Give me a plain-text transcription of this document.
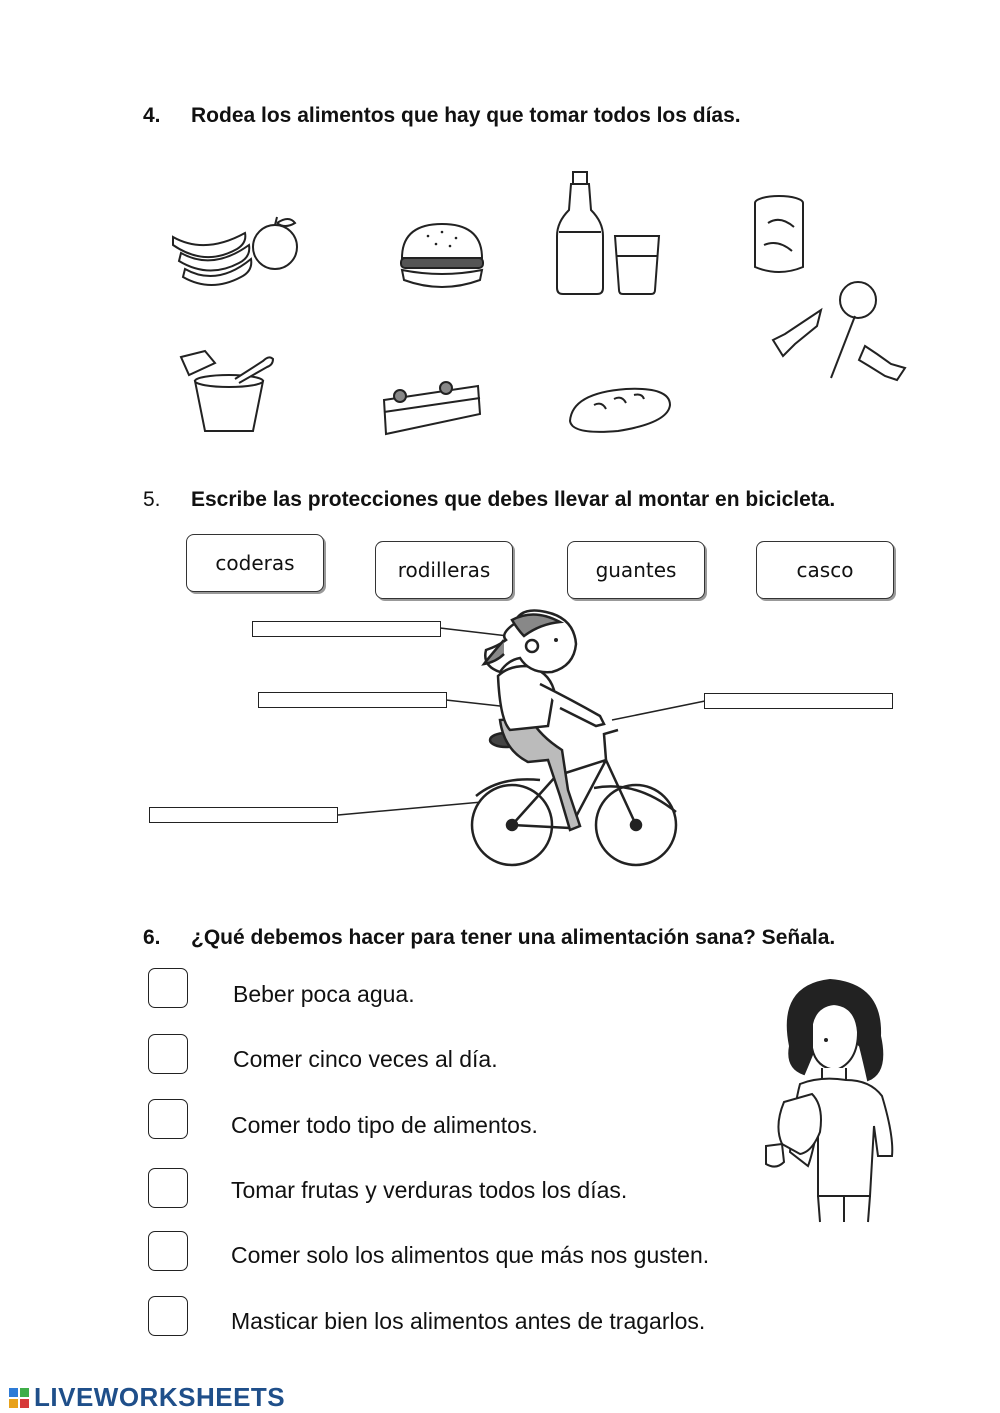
4. Rodea los alimentos que hay que tomar todos los días.
5. Escribe las protecciones que debes llevar al montar en bicicleta.
coderas	rodilleras	guantes	casco
6. ¿Qué debemos hacer para tener una alimentación sana? Señala.
Beber poca agua.
Comer cinco veces al día.
Comer todo tipo de alimentos.
Tomar frutas y verduras todos los días.
Comer solo los alimentos que más nos gusten.
Masticar bien los alimentos antes de tragarlos.
LIVEWORKSHEETS
